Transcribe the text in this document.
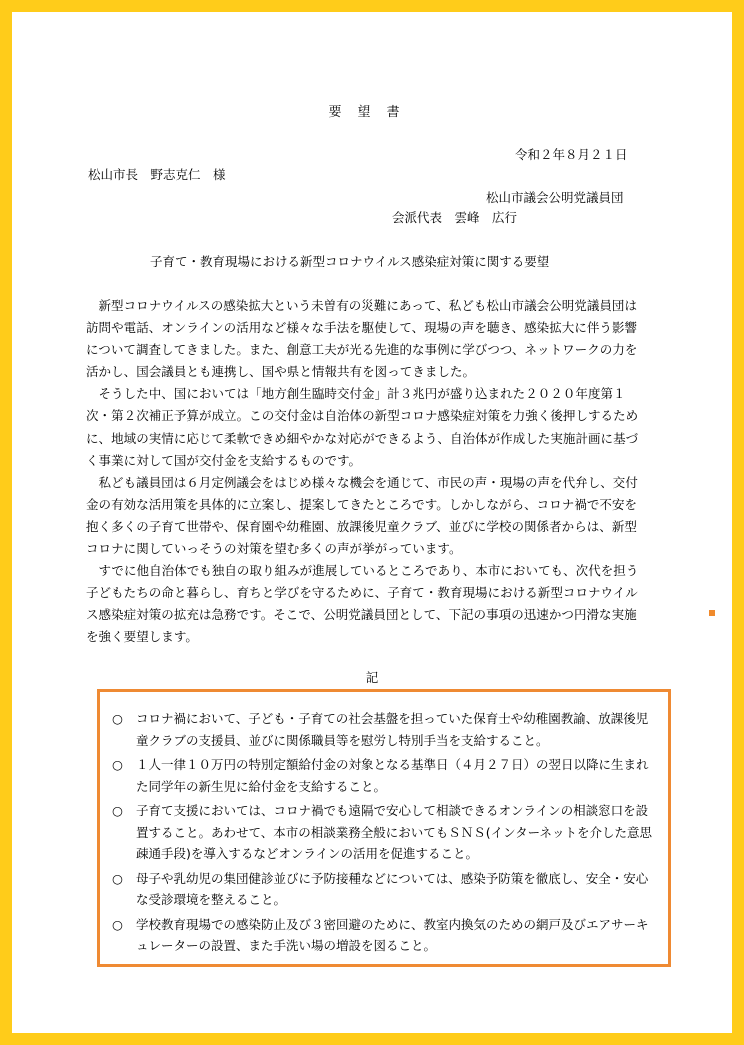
要望書
令和２年８月２１日
松山市長　野志克仁　様
松山市議会公明党議員団
会派代表　雲峰　広行
子育て・教育現場における新型コロナウイルス感染症対策に関する要望

新型コロナウイルスの感染拡大という未曽有の災難にあって、私ども松山市議会公明党議員団は訪問や電話、オンラインの活用など様々な手法を駆使して、現場の声を聴き、感染拡大に伴う影響について調査してきました。また、創意工夫が光る先進的な事例に学びつつ、ネットワークの力を活かし、国会議員とも連携し、国や県と情報共有を図ってきました。

そうした中、国においては「地方創生臨時交付金」計３兆円が盛り込まれた２０２０年度第１次・第２次補正予算が成立。この交付金は自治体の新型コロナ感染症対策を力強く後押しするために、地域の実情に応じて柔軟できめ細やかな対応ができるよう、自治体が作成した実施計画に基づく事業に対して国が交付金を支給するものです。

私ども議員団は６月定例議会をはじめ様々な機会を通じて、市民の声・現場の声を代弁し、交付金の有効な活用策を具体的に立案し、提案してきたところです。しかしながら、コロナ禍で不安を抱く多くの子育て世帯や、保育園や幼稚園、放課後児童クラブ、並びに学校の関係者からは、新型コロナに関していっそうの対策を望む多くの声が挙がっています。

すでに他自治体でも独自の取り組みが進展しているところであり、本市においても、次代を担う子どもたちの命と暮らし、育ちと学びを守るために、子育て・教育現場における新型コロナウイルス感染症対策の拡充は急務です。そこで、公明党議員団として、下記の事項の迅速かつ円滑な実施を強く要望します。

記
○ コロナ禍において、子ども・子育ての社会基盤を担っていた保育士や幼稚園教諭、放課後児童クラブの支援員、並びに関係職員等を慰労し特別手当を支給すること。
○ １人一律１０万円の特別定額給付金の対象となる基準日（４月２７日）の翌日以降に生まれた同学年の新生児に給付金を支給すること。
○ 子育て支援においては、コロナ禍でも遠隔で安心して相談できるオンラインの相談窓口を設置すること。あわせて、本市の相談業務全般においてもＳＮＳ(インターネットを介した意思疎通手段)を導入するなどオンラインの活用を促進すること。
○ 母子や乳幼児の集団健診並びに予防接種などについては、感染予防策を徹底し、安全・安心な受診環境を整えること。
○ 学校教育現場での感染防止及び３密回避のために、教室内換気のための網戸及びエアサーキュレーターの設置、また手洗い場の増設を図ること。
